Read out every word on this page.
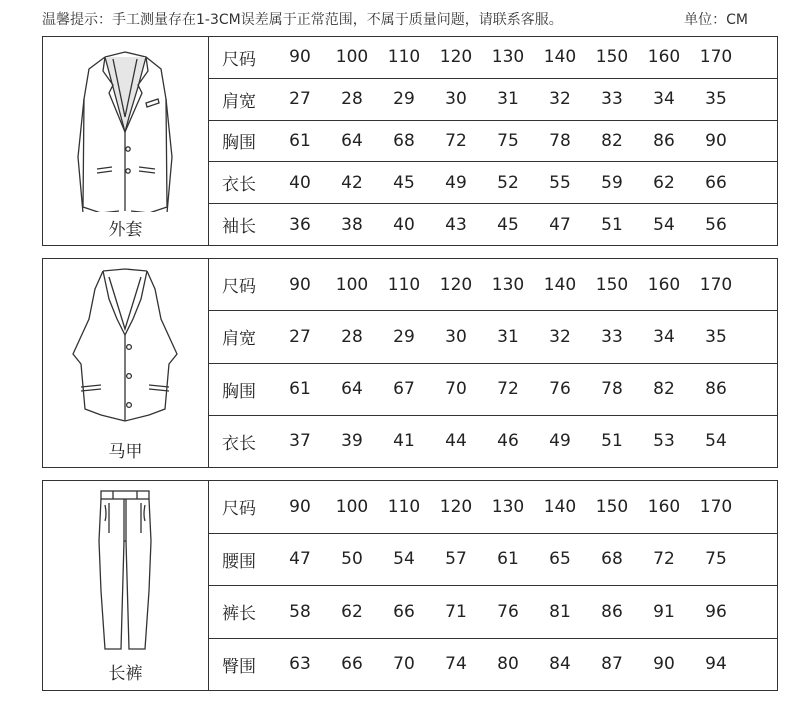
温馨提示：手工测量存在1-3CM误差属于正常范围，不属于质量问题，请联系客服。	单位：CM
外套
尺码	90	100	110	120	130	140	150	160	170
肩宽	27	28	29	30	31	32	33	34	35
胸围	61	64	68	72	75	78	82	86	90
衣长	40	42	45	49	52	55	59	62	66
袖长	36	38	40	43	45	47	51	54	56
马甲
尺码	90	100	110	120	130	140	150	160	170
肩宽	27	28	29	30	31	32	33	34	35
胸围	61	64	67	70	72	76	78	82	86
衣长	37	39	41	44	46	49	51	53	54
长裤
尺码	90	100	110	120	130	140	150	160	170
腰围	47	50	54	57	61	65	68	72	75
裤长	58	62	66	71	76	81	86	91	96
臀围	63	66	70	74	80	84	87	90	94
